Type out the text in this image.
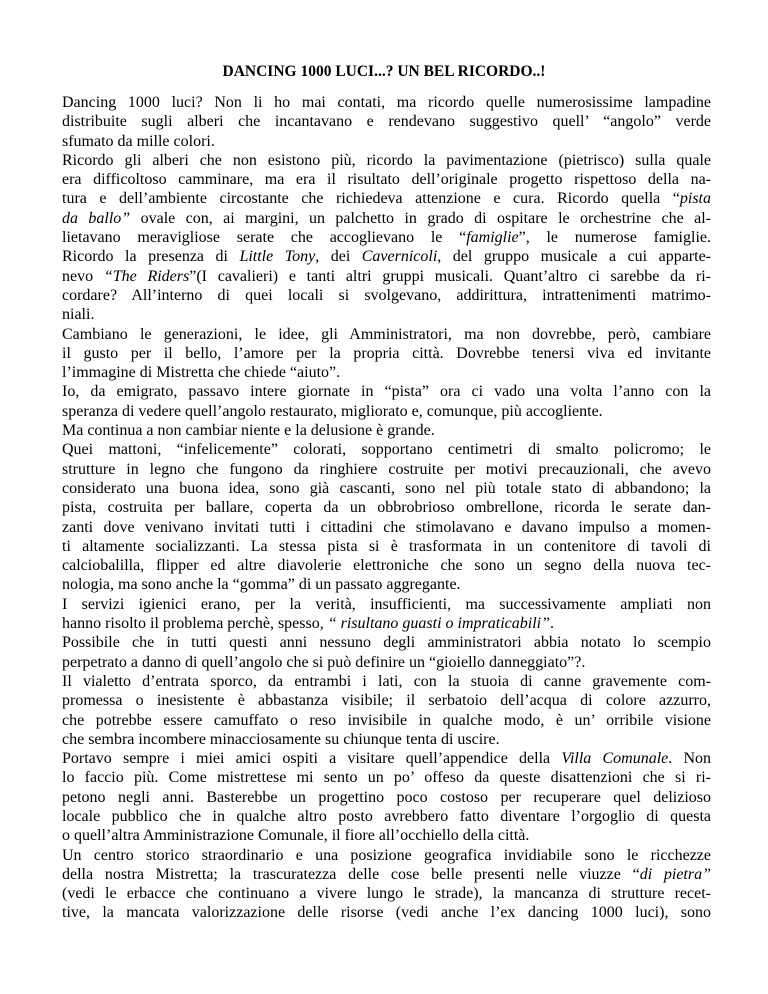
DANCING 1000 LUCI...? UN BEL RICORDO..!
Dancing 1000 luci? Non li ho mai contati, ma ricordo quelle numerosissime lampadine
distribuite sugli alberi che incantavano e rendevano suggestivo quell’ “angolo” verde
sfumato da mille colori.
Ricordo gli alberi che non esistono più, ricordo la pavimentazione (pietrisco) sulla quale
era difficoltoso camminare, ma era il risultato dell’originale progetto rispettoso della na-
tura e dell’ambiente circostante che richiedeva attenzione e cura. Ricordo quella “pista
da ballo” ovale con, ai margini, un palchetto in grado di ospitare le orchestrine che al-
lietavano meravigliose serate che accoglievano le “famiglie”, le numerose famiglie.
Ricordo la presenza di Little Tony, dei Cavernicoli, del gruppo musicale a cui apparte-
nevo “The Riders”(I cavalieri) e tanti altri gruppi musicali. Quant’altro ci sarebbe da ri-
cordare? All’interno di quei locali si svolgevano, addirittura, intrattenimenti matrimo-
niali.
Cambiano le generazioni, le idee, gli Amministratori, ma non dovrebbe, però, cambiare
il gusto per il bello, l’amore per la propria città. Dovrebbe tenersi viva ed invitante
l’immagine di Mistretta che chiede “aiuto”.
Io, da emigrato, passavo intere giornate in “pista” ora ci vado una volta l’anno con la
speranza di vedere quell’angolo restaurato, migliorato e, comunque, più accogliente.
Ma continua a non cambiar niente e la delusione è grande.
Quei mattoni, “infelicemente” colorati, sopportano centimetri di smalto policromo; le
strutture in legno che fungono da ringhiere costruite per motivi precauzionali, che avevo
considerato una buona idea, sono già cascanti, sono nel più totale stato di abbandono; la
pista, costruita per ballare, coperta da un obbrobrioso ombrellone, ricorda le serate dan-
zanti dove venivano invitati tutti i cittadini che stimolavano e davano impulso a momen-
ti altamente socializzanti. La stessa pista si è trasformata in un contenitore di tavoli di
calciobalilla, flipper ed altre diavolerie elettroniche che sono un segno della nuova tec-
nologia, ma sono anche la “gomma” di un passato aggregante.
I servizi igienici erano, per la verità, insufficienti, ma successivamente ampliati non
hanno risolto il problema perchè, spesso, “ risultano guasti o impraticabili”.
Possibile che in tutti questi anni nessuno degli amministratori abbia notato lo scempio
perpetrato a danno di quell’angolo che si può definire un “gioiello danneggiato”?.
Il vialetto d’entrata sporco, da entrambi i lati, con la stuoia di canne gravemente com-
promessa o inesistente è abbastanza visibile; il serbatoio dell’acqua di colore azzurro,
che potrebbe essere camuffato o reso invisibile in qualche modo, è un’ orribile visione
che sembra incombere minacciosamente su chiunque tenta di uscire.
Portavo sempre i miei amici ospiti a visitare quell’appendice della Villa Comunale. Non
lo faccio più. Come mistrettese mi sento un po’ offeso da queste disattenzioni che si ri-
petono negli anni. Basterebbe un progettino poco costoso per recuperare quel delizioso
locale pubblico che in qualche altro posto avrebbero fatto diventare l’orgoglio di questa
o quell’altra Amministrazione Comunale, il fiore all’occhiello della città.
Un centro storico straordinario e una posizione geografica invidiabile sono le ricchezze
della nostra Mistretta; la trascuratezza delle cose belle presenti nelle viuzze “di pietra”
(vedi le erbacce che continuano a vivere lungo le strade), la mancanza di strutture recet-
tive, la mancata valorizzazione delle risorse (vedi anche l’ex dancing 1000 luci), sono
